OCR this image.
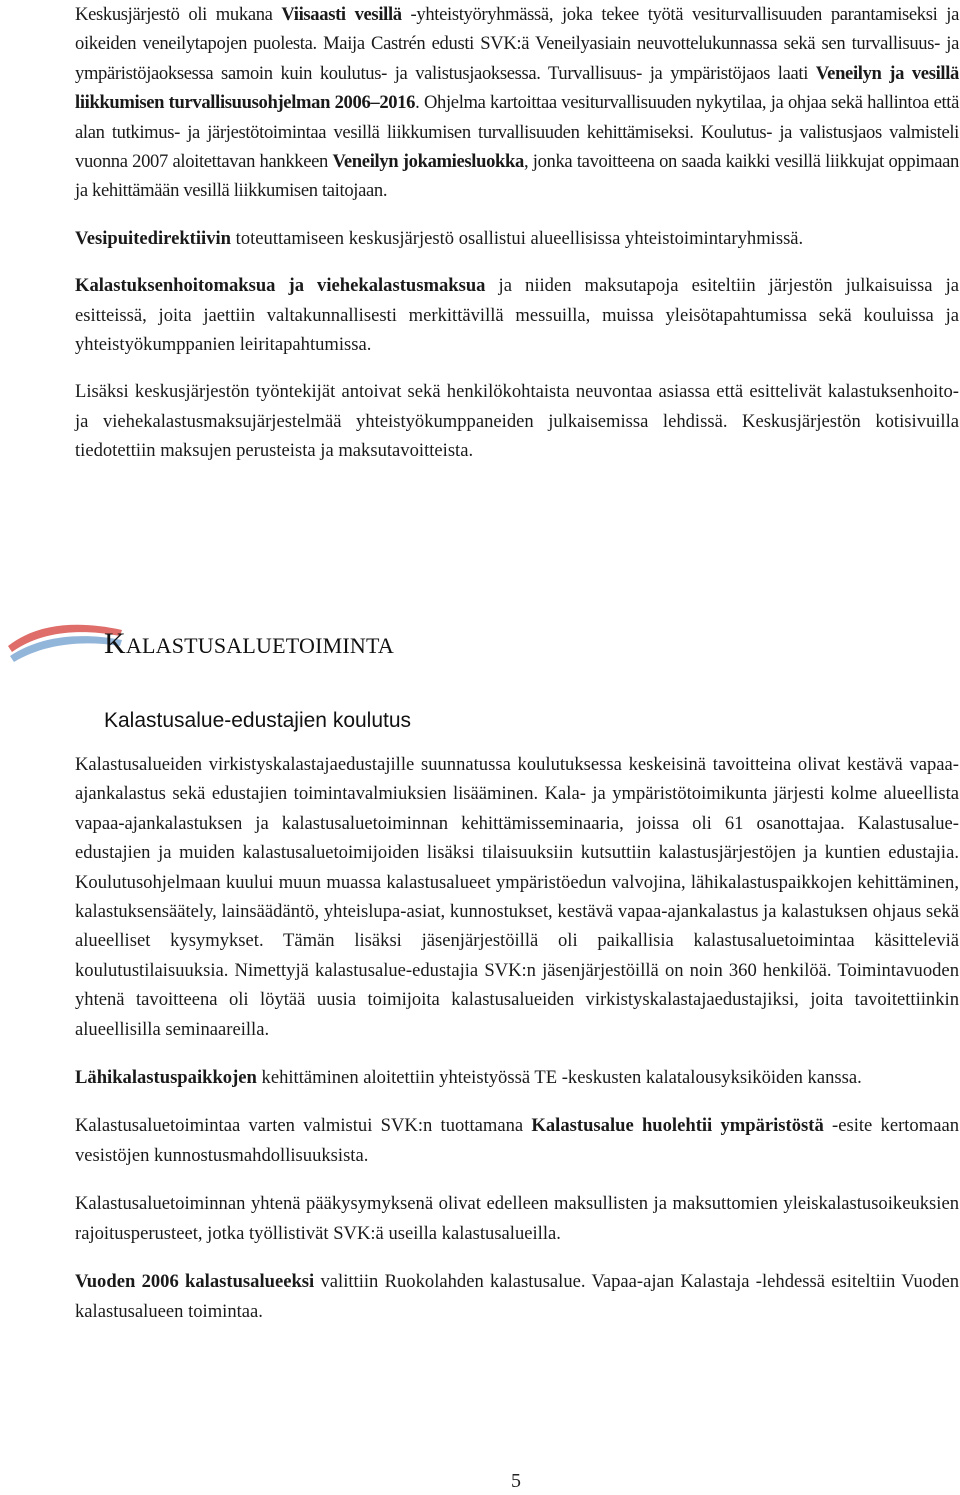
Keskusjärjestö oli mukana Viisaasti vesillä -yhteistyöryhmässä, joka tekee työtä vesiturvallisuuden parantamiseksi ja oikeiden veneilytapojen puolesta. Maija Castrén edusti SVK:ä Veneilyasiain neuvottelukunnassa sekä sen turvallisuus- ja ympäristöjaoksessa samoin kuin koulutus- ja valistusjaoksessa. Turvallisuus- ja ympäristöjaos laati Veneilyn ja vesillä liikkumisen turvallisuusohjelman 2006–2016. Ohjelma kartoittaa vesiturvallisuuden nykytilaa, ja ohjaa sekä hallintoa että alan tutkimus- ja järjestötoimintaa vesillä liikkumisen turvallisuuden kehittämiseksi. Koulutus- ja valistusjaos valmisteli vuonna 2007 aloitettavan hankkeen Veneilyn jokamiesluokka, jonka tavoitteena on saada kaikki vesillä liikkujat oppimaan ja kehittämään vesillä liikkumisen taitojaan.

Vesipuitedirektiivin toteuttamiseen keskusjärjestö osallistui alueellisissa yhteistoimintaryhmissä.

Kalastuksenhoitomaksua ja viehekalastusmaksua ja niiden maksutapoja esiteltiin järjestön julkaisuissa ja esitteissä, joita jaettiin valtakunnallisesti merkittävillä messuilla, muissa yleisötapahtumissa sekä kouluissa ja yhteistyökumppanien leiritapahtumissa.

Lisäksi keskusjärjestön työntekijät antoivat sekä henkilökohtaista neuvontaa asiassa että esittelivät kalastuksenhoito- ja viehekalastusmaksujärjestelmää yhteistyökumppaneiden julkaisemissa lehdissä. Keskusjärjestön kotisivuilla tiedotettiin maksujen perusteista ja maksutavoitteista.

KALASTUSALUETOIMINTA
Kalastusalue-edustajien koulutus

Kalastusalueiden virkistyskalastajaedustajille suunnatussa koulutuksessa keskeisinä tavoitteina olivat kestävä vapaa-ajankalastus sekä edustajien toimintavalmiuksien lisääminen. Kala- ja ympäristötoimikunta järjesti kolme alueellista vapaa-ajankalastuksen ja kalastusaluetoiminnan kehittämisseminaaria, joissa oli 61 osanottajaa. Kalastusalue-edustajien ja muiden kalastusaluetoimijoiden lisäksi tilaisuuksiin kutsuttiin kalastusjärjestöjen ja kuntien edustajia. Koulutusohjelmaan kuului muun muassa kalastusalueet ympäristöedun valvojina, lähikalastuspaikkojen kehittäminen, kalastuksensäätely, lainsäädäntö, yhteislupa-asiat, kunnostukset, kestävä vapaa-ajankalastus ja kalastuksen ohjaus sekä alueelliset kysymykset. Tämän lisäksi jäsenjärjestöillä oli paikallisia kalastusaluetoimintaa käsitteleviä koulutustilaisuuksia. Nimettyjä kalastusalue-edustajia SVK:n jäsenjärjestöillä on noin 360 henkilöä. Toimintavuoden yhtenä tavoitteena oli löytää uusia toimijoita kalastusalueiden virkistyskalastajaedustajiksi, joita tavoitettiinkin alueellisilla seminaareilla.

Lähikalastuspaikkojen kehittäminen aloitettiin yhteistyössä TE -keskusten kalatalousyksiköiden kanssa.

Kalastusaluetoimintaa varten valmistui SVK:n tuottamana Kalastusalue huolehtii ympäristöstä -esite kertomaan vesistöjen kunnostusmahdollisuuksista.

Kalastusaluetoiminnan yhtenä pääkysymyksenä olivat edelleen maksullisten ja maksuttomien yleiskalastusoikeuksien rajoitusperusteet, jotka työllistivät SVK:ä useilla kalastusalueilla.

Vuoden 2006 kalastusalueeksi valittiin Ruokolahden kalastusalue. Vapaa-ajan Kalastaja -lehdessä esiteltiin Vuoden kalastusalueen toimintaa.

5
